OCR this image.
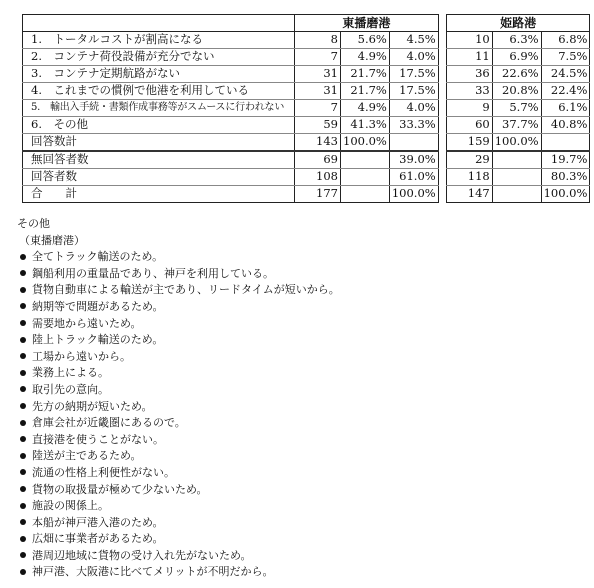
	東播磨港				姫路港		
1.　トータルコストが割高になる	8	5.6%	4.5%		10	6.3%	6.8%
2.　コンテナ荷役設備が充分でない	7	4.9%	4.0%		11	6.9%	7.5%
3.　コンテナ定期航路がない	31	21.7%	17.5%		36	22.6%	24.5%
4.　これまでの慣例で他港を利用している	31	21.7%	17.5%		33	20.8%	22.4%
5.　輸出入手続・書類作成事務等がスムースに行われない	7	4.9%	4.0%		9	5.7%	6.1%
6.　その他	59	41.3%	33.3%		60	37.7%	40.8%
回答数計	143	100.0%			159	100.0%	
無回答者数	69		39.0%		29		19.7%
回答者数	108		61.0%		118		80.3%
合　　計	177		100.0%		147		100.0%

その他

（東播磨港）

全てトラック輸送のため。
鋼船利用の重量品であり、神戸を利用している。
貨物自動車による輸送が主であり、リードタイムが短いから。
納期等で問題があるため。
需要地から遠いため。
陸上トラック輸送のため。
工場から遠いから。
業務上による。
取引先の意向。
先方の納期が短いため。
倉庫会社が近畿圏にあるので。
直接港を使うことがない。
陸送が主であるため。
流通の性格上利便性がない。
貨物の取扱量が極めて少ないため。
施設の関係上。
本船が神戸港入港のため。
広畑に事業者があるため。
港周辺地域に貨物の受け入れ先がないため。
神戸港、大阪港に比べてメリットが不明だから。
